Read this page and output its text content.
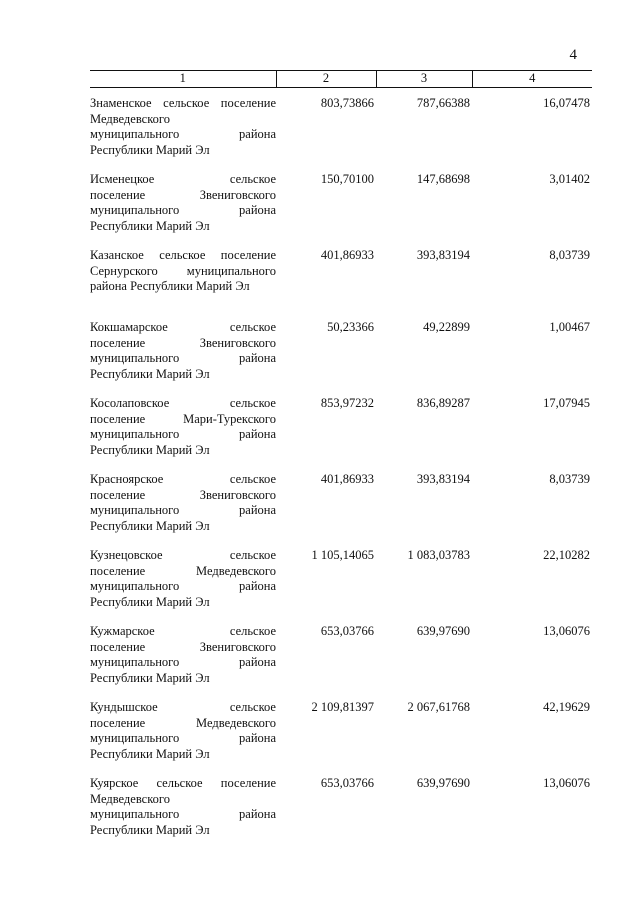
4
1	2	3	4

Знаменское сельское поселение
Медведевского
муниципального района
Республики Марий Эл	803,73866	787,66388	16,07478

Исменецкое сельское
поселение Звениговского
муниципального района
Республики Марий Эл	150,70100	147,68698	3,01402

Казанское сельское поселение
Сернурского муниципального
района Республики Марий Эл	401,86933	393,83194	8,03739

Кокшамарское сельское
поселение Звениговского
муниципального района
Республики Марий Эл	50,23366	49,22899	1,00467

Косолаповское сельское
поселение Мари-Турекского
муниципального района
Республики Марий Эл	853,97232	836,89287	17,07945

Красноярское сельское
поселение Звениговского
муниципального района
Республики Марий Эл	401,86933	393,83194	8,03739

Кузнецовское сельское
поселение Медведевского
муниципального района
Республики Марий Эл	1 105,14065	1 083,03783	22,10282

Кужмарское сельское
поселение Звениговского
муниципального района
Республики Марий Эл	653,03766	639,97690	13,06076

Кундышское сельское
поселение Медведевского
муниципального района
Республики Марий Эл	2 109,81397	2 067,61768	42,19629

Куярское сельское поселение
Медведевского
муниципального района
Республики Марий Эл	653,03766	639,97690	13,06076
